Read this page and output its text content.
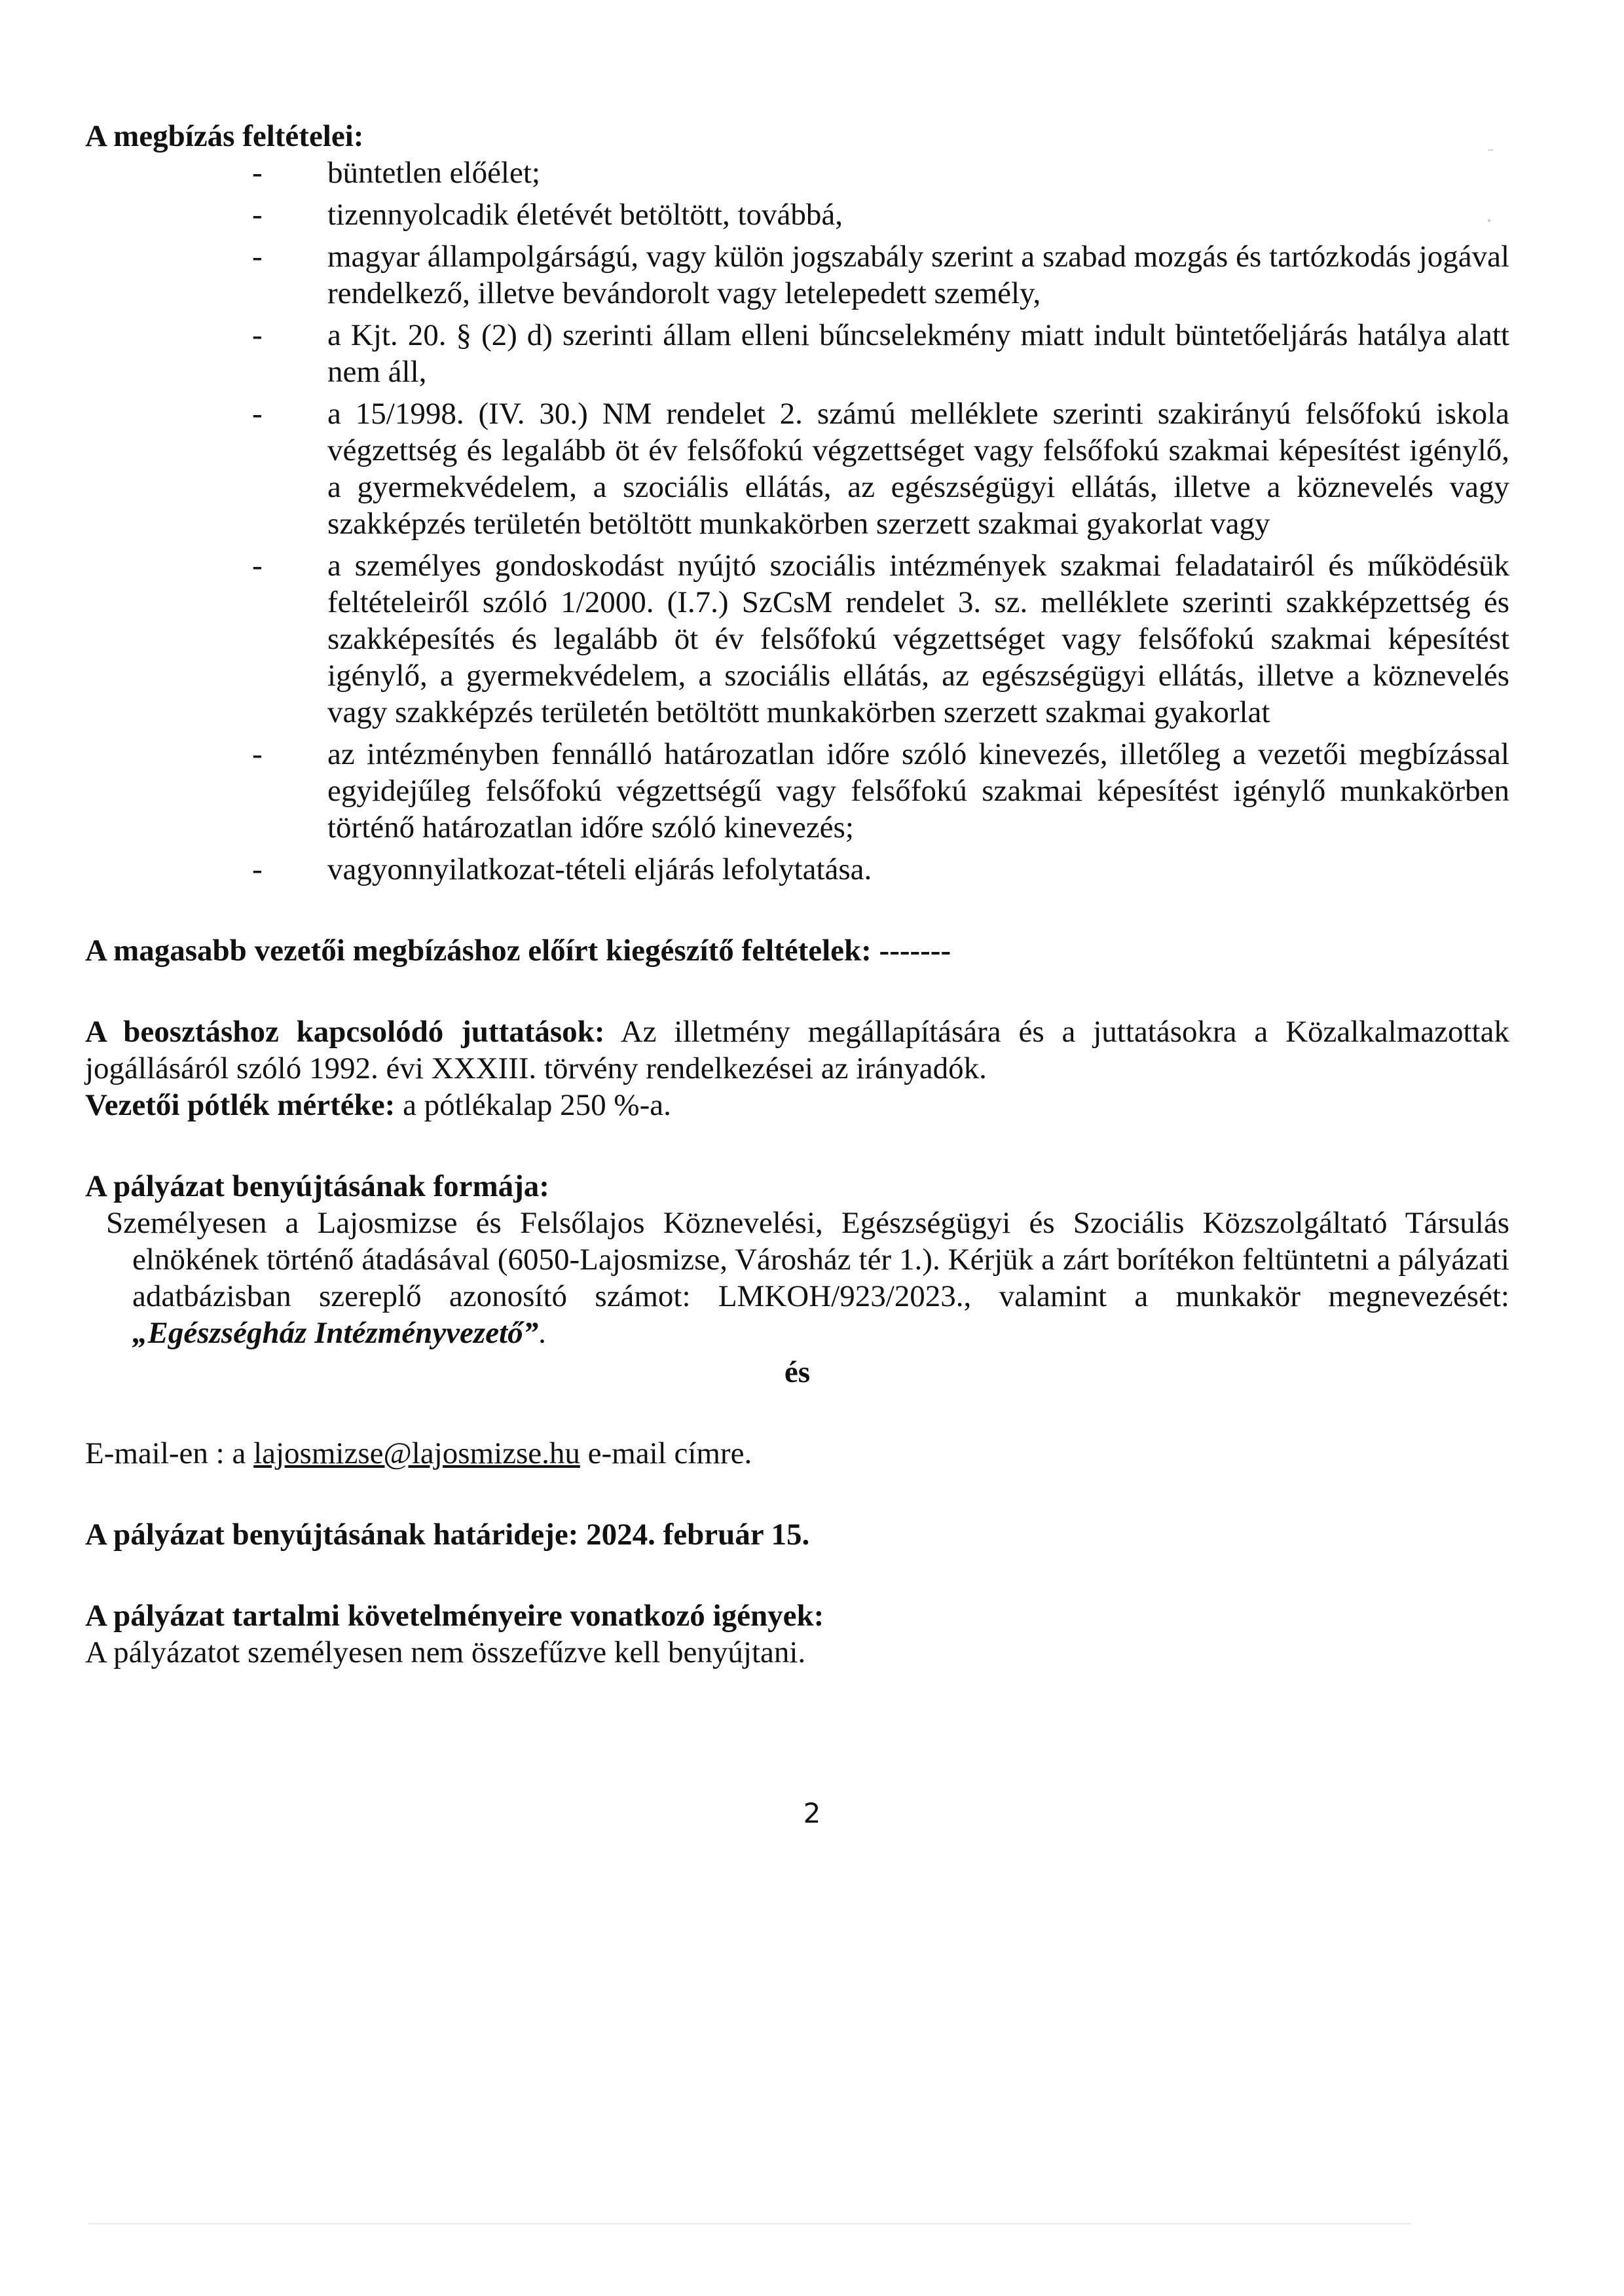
A megbízás feltételei:

- büntetlen előélet;
- tizennyolcadik életévét betöltött, továbbá,
- magyar állampolgárságú, vagy külön jogszabály szerint a szabad mozgás és tartózkodás jogával rendelkező, illetve bevándorolt vagy letelepedett személy,
- a Kjt. 20. § (2) d) szerinti állam elleni bűncselekmény miatt indult büntetőeljárás hatálya alatt nem áll,
- a 15/1998. (IV. 30.) NM rendelet 2. számú melléklete szerinti szakirányú felsőfokú iskola végzettség és legalább öt év felsőfokú végzettséget vagy felsőfokú szakmai képesítést igénylő, a gyermekvédelem, a szociális ellátás, az egészségügyi ellátás, illetve a köznevelés vagy szakképzés területén betöltött munkakörben szerzett szakmai gyakorlat vagy
- a személyes gondoskodást nyújtó szociális intézmények szakmai feladatairól és működésük feltételeiről szóló 1/2000. (I.7.) SzCsM rendelet 3. sz. melléklete szerinti szakképzettség és szakképesítés és legalább öt év felsőfokú végzettséget vagy felsőfokú szakmai képesítést igénylő, a gyermekvédelem, a szociális ellátás, az egészségügyi ellátás, illetve a köznevelés vagy szakképzés területén betöltött munkakörben szerzett szakmai gyakorlat
- az intézményben fennálló határozatlan időre szóló kinevezés, illetőleg a vezetői megbízással egyidejűleg felsőfokú végzettségű vagy felsőfokú szakmai képesítést igénylő munkakörben történő határozatlan időre szóló kinevezés;
- vagyonnyilatkozat-tételi eljárás lefolytatása.

A magasabb vezetői megbízáshoz előírt kiegészítő feltételek: -------

A beosztáshoz kapcsolódó juttatások: Az illetmény megállapítására és a juttatásokra a Közalkalmazottak jogállásáról szóló 1992. évi XXXIII. törvény rendelkezései az irányadók.

Vezetői pótlék mértéke: a pótlékalap 250 %-a.

A pályázat benyújtásának formája:

Személyesen a Lajosmizse és Felsőlajos Köznevelési, Egészségügyi és Szociális Közszolgáltató Társulás elnökének történő átadásával (6050-Lajosmizse, Városház tér 1.). Kérjük a zárt borítékon feltüntetni a pályázati adatbázisban szereplő azonosító számot: LMKOH/923/2023., valamint a munkakör megnevezését: „Egészségház Intézményvezető”.

és

E-mail-en : a lajosmizse@lajosmizse.hu e-mail címre.

A pályázat benyújtásának határideje: 2024. február 15.

A pályázat tartalmi követelményeire vonatkozó igények:

A pályázatot személyesen nem összefűzve kell benyújtani.

2
